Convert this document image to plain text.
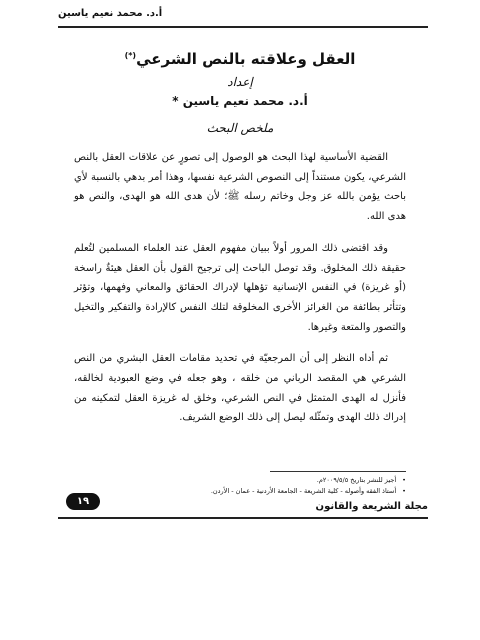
أ.د. محمد نعيم ياسين
العقل وعلاقته بالنص الشرعي(*)
إعداد
أ.د. محمد نعيم ياسين *
ملخص البحث

القضية الأساسية لهذا البحث هو الوصول إلى تصورٍ عن علاقات العقل بالنص الشرعي، يكون مستنداً إلى النصوص الشرعية نفسها، وهذا أمر بدهي بالنسبة لأي باحث يؤمن بالله عز وجل وخاتم رسله ﷺ؛ لأن هدى الله هو الهدى، والنص هو هدى الله.

وقد اقتضى ذلك المرور أولاً ببيان مفهوم العقل عند العلماء المسلمين لتُعلم حقيقة ذلك المخلوق. وقد توصل الباحث إلى ترجيح القول بأن العقل هيئةٌ راسخة (أو غريزة) في النفس الإنسانية تؤهلها لإدراك الحقائق والمعاني وفهمها، وتؤثر وتتأثر بطائفة من الغرائز الأخرى المخلوقة لتلك النفس كالإرادة والتفكير والتخيل والتصور والمتعة وغيرها.

ثم أداه النظر إلى أن المرجعيّة في تحديد مقامات العقل البشري من النص الشرعي هي المقصد الرباني من خلقه ، وهو جعله في وضع العبودية لخالقه، فأنزل له الهدى المتمثل في النص الشرعي، وخلق له غريزة العقل لتمكينه من إدراك ذلك الهدى وتمثّله ليصل إلى ذلك الوضع الشريف.

• أجيز للنشر بتاريخ ٢٠٠٩/٥/٥م.
• أستاذ الفقه وأصوله - كلية الشريعة - الجامعة الأردنية - عمان - الأردن.
١٩	مجلة الشريعة والقانون
